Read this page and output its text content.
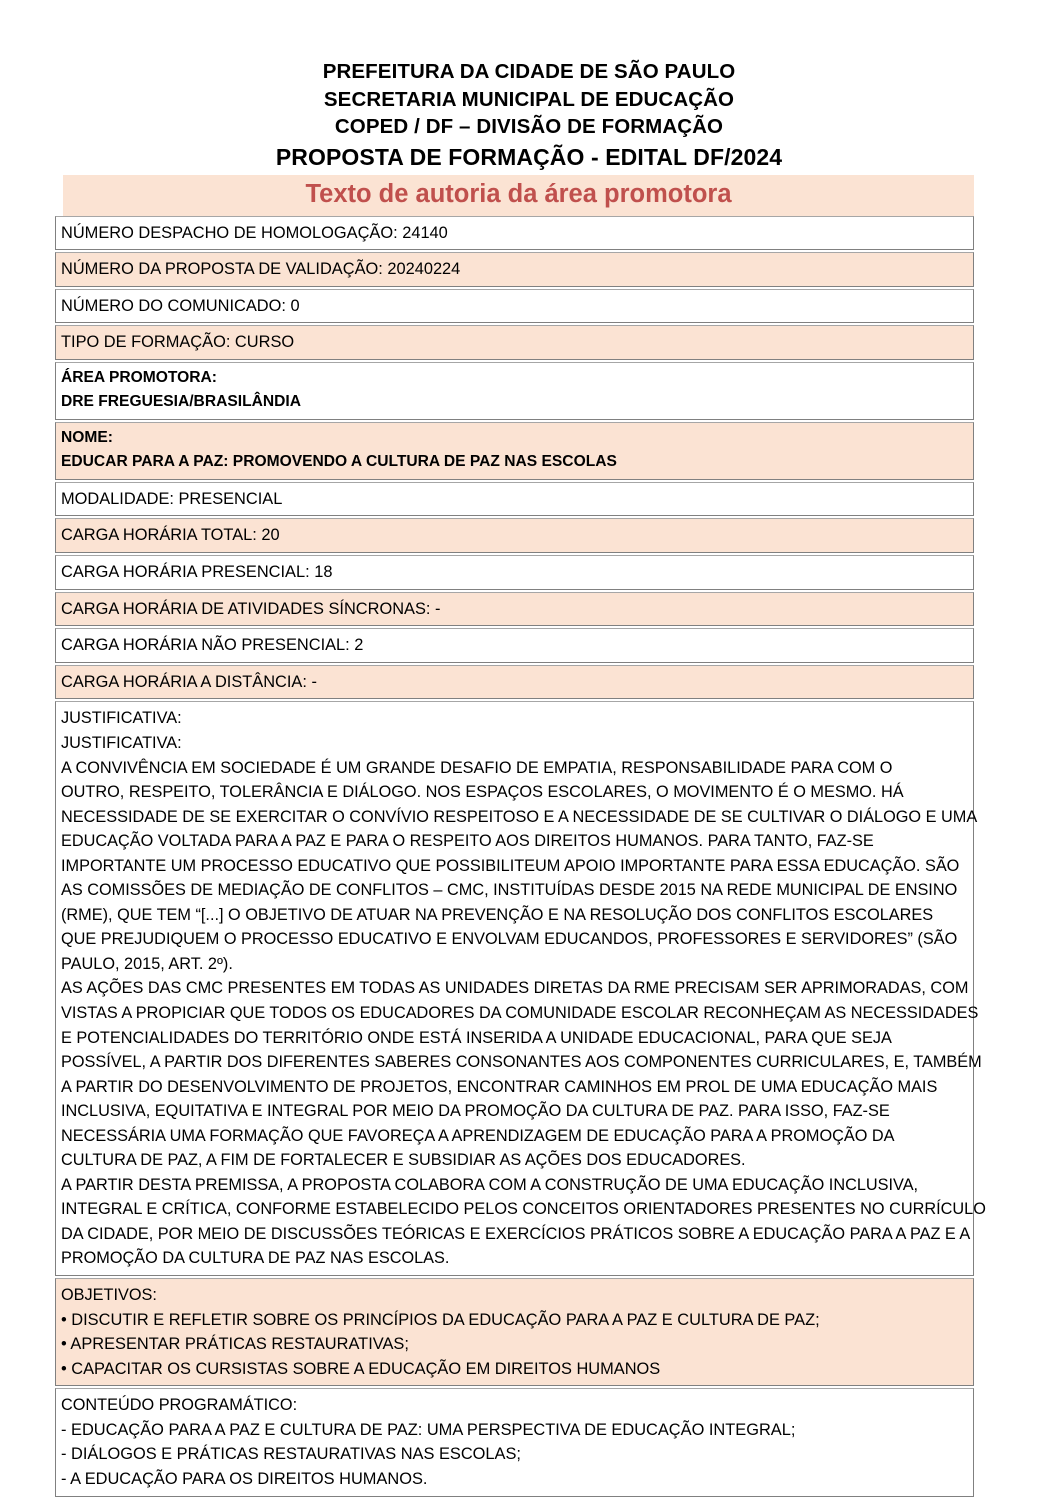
PREFEITURA DA CIDADE DE SÃO PAULO
SECRETARIA MUNICIPAL DE EDUCAÇÃO
COPED / DF – DIVISÃO DE FORMAÇÃO
PROPOSTA DE FORMAÇÃO - EDITAL DF/2024
Texto de autoria da área promotora
NÚMERO DESPACHO DE HOMOLOGAÇÃO: 24140
NÚMERO DA PROPOSTA DE VALIDAÇÃO: 20240224
NÚMERO DO COMUNICADO: 0
TIPO DE FORMAÇÃO: CURSO
ÁREA PROMOTORA:
DRE FREGUESIA/BRASILÂNDIA
NOME:
EDUCAR PARA A PAZ: PROMOVENDO A CULTURA DE PAZ NAS ESCOLAS
MODALIDADE: PRESENCIAL
CARGA HORÁRIA TOTAL: 20
CARGA HORÁRIA PRESENCIAL: 18
CARGA HORÁRIA DE ATIVIDADES SÍNCRONAS: -
CARGA HORÁRIA NÃO PRESENCIAL: 2
CARGA HORÁRIA A DISTÂNCIA: -
JUSTIFICATIVA:
JUSTIFICATIVA:
A CONVIVÊNCIA EM SOCIEDADE É UM GRANDE DESAFIO DE EMPATIA, RESPONSABILIDADE PARA COM O
OUTRO, RESPEITO, TOLERÂNCIA E DIÁLOGO. NOS ESPAÇOS ESCOLARES, O MOVIMENTO É O MESMO. HÁ
NECESSIDADE DE SE EXERCITAR O CONVÍVIO RESPEITOSO E A NECESSIDADE DE SE CULTIVAR O DIÁLOGO E UMA
EDUCAÇÃO VOLTADA PARA A PAZ E PARA O RESPEITO AOS DIREITOS HUMANOS. PARA TANTO, FAZ-SE
IMPORTANTE UM PROCESSO EDUCATIVO QUE POSSIBILITEUM APOIO IMPORTANTE PARA ESSA EDUCAÇÃO. SÃO
AS COMISSÕES DE MEDIAÇÃO DE CONFLITOS – CMC, INSTITUÍDAS DESDE 2015 NA REDE MUNICIPAL DE ENSINO
(RME), QUE TEM “[...] O OBJETIVO DE ATUAR NA PREVENÇÃO E NA RESOLUÇÃO DOS CONFLITOS ESCOLARES
QUE PREJUDIQUEM O PROCESSO EDUCATIVO E ENVOLVAM EDUCANDOS, PROFESSORES E SERVIDORES” (SÃO
PAULO, 2015, ART. 2º).
AS AÇÕES DAS CMC PRESENTES EM TODAS AS UNIDADES DIRETAS DA RME PRECISAM SER APRIMORADAS, COM
VISTAS A PROPICIAR QUE TODOS OS EDUCADORES DA COMUNIDADE ESCOLAR RECONHEÇAM AS NECESSIDADES
E POTENCIALIDADES DO TERRITÓRIO ONDE ESTÁ INSERIDA A UNIDADE EDUCACIONAL, PARA QUE SEJA
POSSÍVEL, A PARTIR DOS DIFERENTES SABERES CONSONANTES AOS COMPONENTES CURRICULARES, E, TAMBÉM
A PARTIR DO DESENVOLVIMENTO DE PROJETOS, ENCONTRAR CAMINHOS EM PROL DE UMA EDUCAÇÃO MAIS
INCLUSIVA, EQUITATIVA E INTEGRAL POR MEIO DA PROMOÇÃO DA CULTURA DE PAZ. PARA ISSO, FAZ-SE
NECESSÁRIA UMA FORMAÇÃO QUE FAVOREÇA A APRENDIZAGEM DE EDUCAÇÃO PARA A PROMOÇÃO DA
CULTURA DE PAZ, A FIM DE FORTALECER E SUBSIDIAR AS AÇÕES DOS EDUCADORES.
A PARTIR DESTA PREMISSA, A PROPOSTA COLABORA COM A CONSTRUÇÃO DE UMA EDUCAÇÃO INCLUSIVA,
INTEGRAL E CRÍTICA, CONFORME ESTABELECIDO PELOS CONCEITOS ORIENTADORES PRESENTES NO CURRÍCULO
DA CIDADE, POR MEIO DE DISCUSSÕES TEÓRICAS E EXERCÍCIOS PRÁTICOS SOBRE A EDUCAÇÃO PARA A PAZ E A
PROMOÇÃO DA CULTURA DE PAZ NAS ESCOLAS.
OBJETIVOS:
• DISCUTIR E REFLETIR SOBRE OS PRINCÍPIOS DA EDUCAÇÃO PARA A PAZ E CULTURA DE PAZ;
• APRESENTAR PRÁTICAS RESTAURATIVAS;
• CAPACITAR OS CURSISTAS SOBRE A EDUCAÇÃO EM DIREITOS HUMANOS
CONTEÚDO PROGRAMÁTICO:
- EDUCAÇÃO PARA A PAZ E CULTURA DE PAZ: UMA PERSPECTIVA DE EDUCAÇÃO INTEGRAL;
- DIÁLOGOS E PRÁTICAS RESTAURATIVAS NAS ESCOLAS;
- A EDUCAÇÃO PARA OS DIREITOS HUMANOS.
